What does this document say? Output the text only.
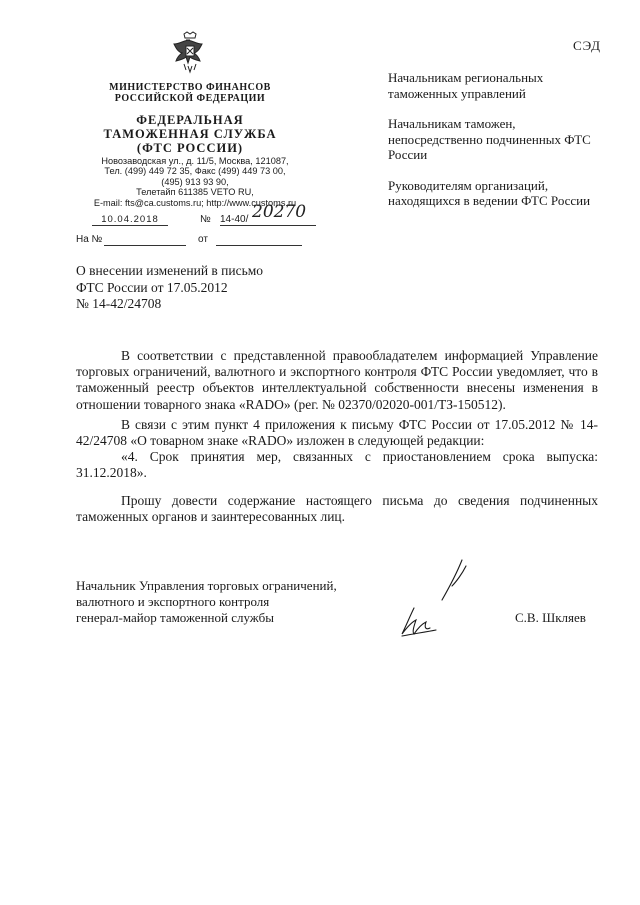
СЭД
МИНИСТЕРСТВО ФИНАНСОВ
РОССИЙСКОЙ ФЕДЕРАЦИИ
ФЕДЕРАЛЬНАЯ
ТАМОЖЕННАЯ СЛУЖБА
(ФТС РОССИИ)
Новозаводская ул., д. 11/5, Москва, 121087,
Тел. (499) 449 72 35, Факс (499) 449 73 00,
(495) 913 93 90,
Телетайп 611385 VETO RU,
E-mail: fts@ca.customs.ru; http://www.customs.ru
10.04.2018	№ 14-40/ 20270
На №	от
Начальникам региональных таможенных управлений
Начальникам таможен, непосредственно подчиненных ФТС России
Руководителям организаций, находящихся в ведении ФТС России
О внесении изменений в письмо
ФТС России от 17.05.2012
№ 14-42/24708

В соответствии с представленной правообладателем информацией Управление торговых ограничений, валютного и экспортного контроля ФТС России уведомляет, что в таможенный реестр объектов интеллектуальной собственности внесены изменения в отношении товарного знака «RADO» (рег. № 02370/02020-001/ТЗ-150512).

В связи с этим пункт 4 приложения к письму ФТС России от 17.05.2012 № 14-42/24708 «О товарном знаке «RADO» изложен в следующей редакции:

«4. Срок принятия мер, связанных с приостановлением срока выпуска: 31.12.2018».

Прошу довести содержание настоящего письма до сведения подчиненных таможенных органов и заинтересованных лиц.

Начальник Управления торговых ограничений,
валютного и экспортного контроля
генерал-майор таможенной службы	С.В. Шкляев
